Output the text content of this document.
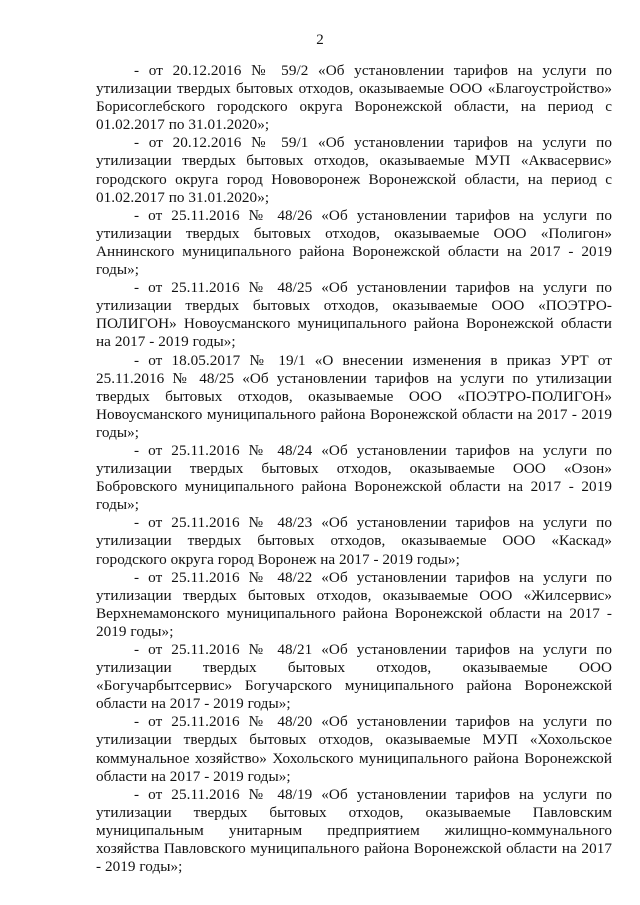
2

- от 20.12.2016 № 59/2 «Об установлении тарифов на услуги по утилизации твердых бытовых отходов, оказываемые ООО «Благоустройство» Борисоглебского городского округа Воронежской области, на период с 01.02.2017 по 31.01.2020»;

- от 20.12.2016 № 59/1 «Об установлении тарифов на услуги по утилизации твердых бытовых отходов, оказываемые МУП «Аквасервис» городского округа город Нововоронеж Воронежской области, на период с 01.02.2017 по 31.01.2020»;

- от 25.11.2016 № 48/26 «Об установлении тарифов на услуги по утилизации твердых бытовых отходов, оказываемые ООО «Полигон» Аннинского муниципального района Воронежской области на 2017 - 2019 годы»;

- от 25.11.2016 № 48/25 «Об установлении тарифов на услуги по утилизации твердых бытовых отходов, оказываемые ООО «ПОЭТРО-ПОЛИГОН» Новоусманского муниципального района Воронежской области на 2017 - 2019 годы»;

- от 18.05.2017 № 19/1 «О внесении изменения в приказ УРТ от 25.11.2016 № 48/25 «Об установлении тарифов на услуги по утилизации твердых бытовых отходов, оказываемые ООО «ПОЭТРО-ПОЛИГОН» Новоусманского муниципального района Воронежской области на 2017 - 2019 годы»;

- от 25.11.2016 № 48/24 «Об установлении тарифов на услуги по утилизации твердых бытовых отходов, оказываемые ООО «Озон» Бобровского муниципального района Воронежской области на 2017 - 2019 годы»;

- от 25.11.2016 № 48/23 «Об установлении тарифов на услуги по утилизации твердых бытовых отходов, оказываемые ООО «Каскад» городского округа город Воронеж на 2017 - 2019 годы»;

- от 25.11.2016 № 48/22 «Об установлении тарифов на услуги по утилизации твердых бытовых отходов, оказываемые ООО «Жилсервис» Верхнемамонского муниципального района Воронежской области на 2017 - 2019 годы»;

- от 25.11.2016 № 48/21 «Об установлении тарифов на услуги по утилизации твердых бытовых отходов, оказываемые ООО «Богучарбытсервис» Богучарского муниципального района Воронежской области на 2017 - 2019 годы»;

- от 25.11.2016 № 48/20 «Об установлении тарифов на услуги по утилизации твердых бытовых отходов, оказываемые МУП «Хохольское коммунальное хозяйство» Хохольского муниципального района Воронежской области на 2017 - 2019 годы»;

- от 25.11.2016 № 48/19 «Об установлении тарифов на услуги по утилизации твердых бытовых отходов, оказываемые Павловским муниципальным унитарным предприятием жилищно-коммунального хозяйства Павловского муниципального района Воронежской области на 2017 - 2019 годы»;
